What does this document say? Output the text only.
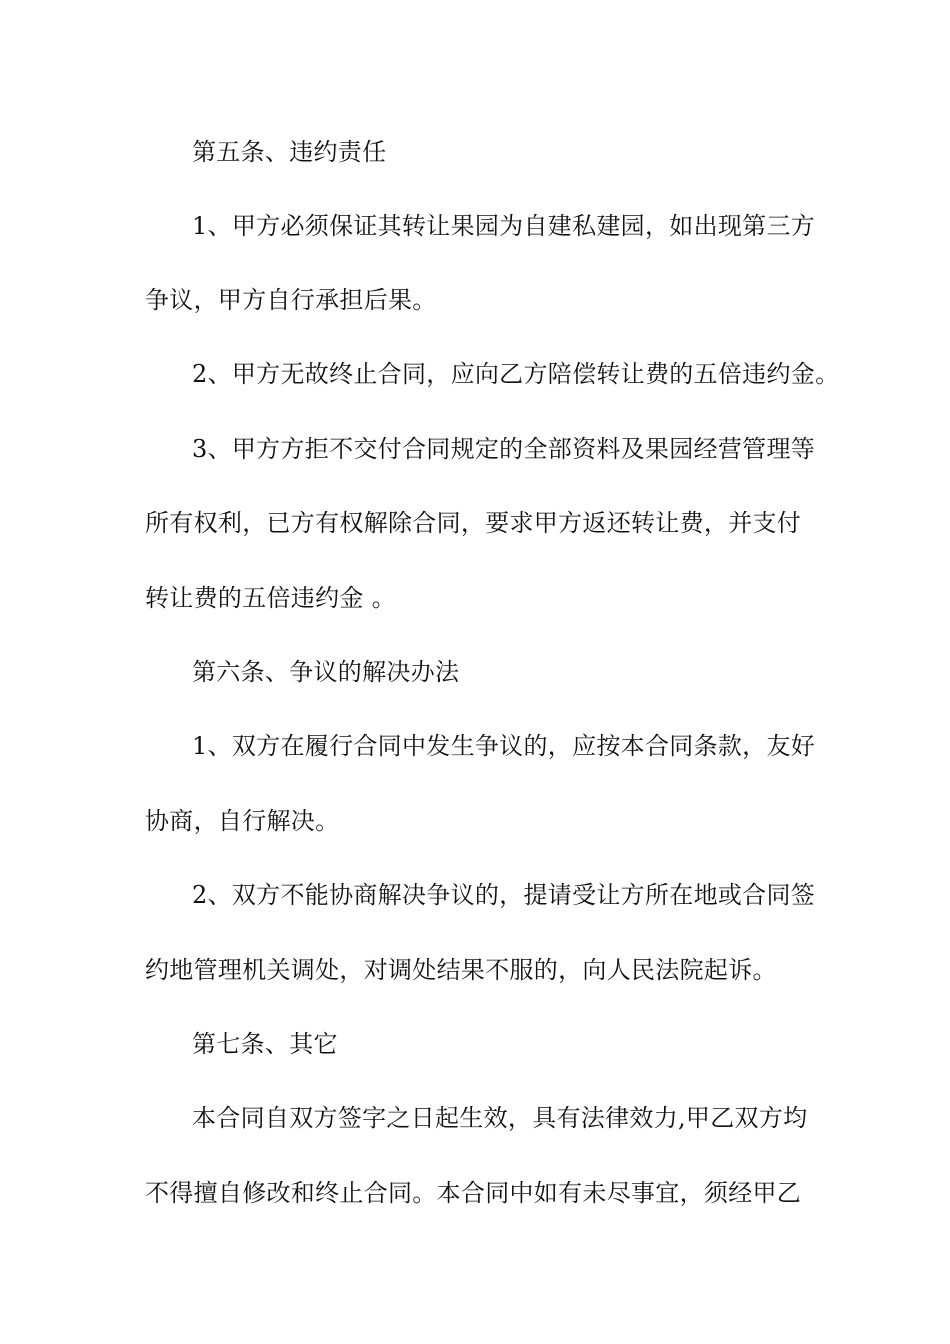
第五条、违约责任
1、甲方必须保证其转让果园为自建私建园，如出现第三方
争议，甲方自行承担后果。
2、甲方无故终止合同，应向乙方陪偿转让费的五倍违约金。
3、甲方方拒不交付合同规定的全部资料及果园经营管理等
所有权利，已方有权解除合同，要求甲方返还转让费，并支付
转让费的五倍违约金 。
第六条、争议的解决办法
1、双方在履行合同中发生争议的，应按本合同条款，友好
协商，自行解决。
2、双方不能协商解决争议的，提请受让方所在地或合同签
约地管理机关调处，对调处结果不服的，向人民法院起诉。
第七条、其它
本合同自双方签字之日起生效，具有法律效力,甲乙双方均
不得擅自修改和终止合同。本合同中如有未尽事宜，须经甲乙
